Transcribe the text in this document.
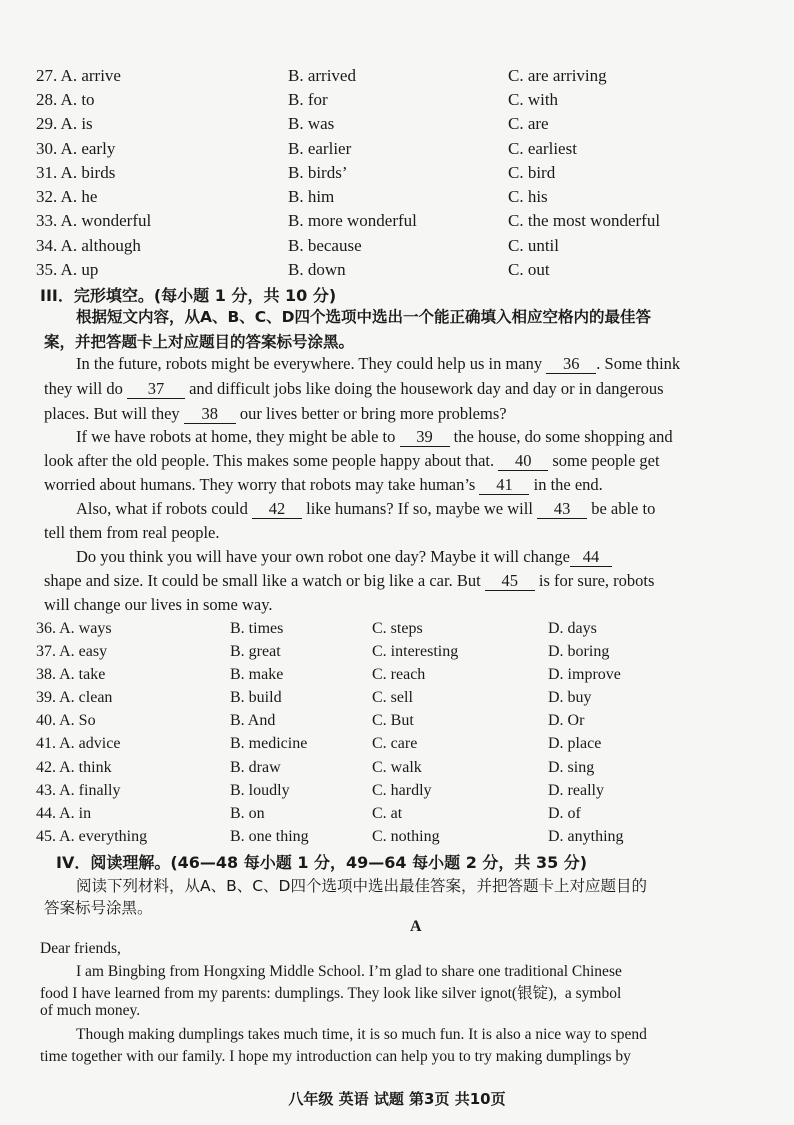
27. A. arrive	B. arrived	C. are arriving
28. A. to	B. for	C. with
29. A. is	B. was	C. are
30. A. early	B. earlier	C. earliest
31. A. birds	B. birds’	C. bird
32. A. he	B. him	C. his
33. A. wonderful	B. more wonderful	C. the most wonderful
34. A. although	B. because	C. until
35. A. up	B. down	C. out
III．完形填空。(每小题 1 分，共 10 分)
根据短文内容，从A、B、C、D四个选项中选出一个能正确填入相应空格内的最佳答
案，并把答题卡上对应题目的答案标号涂黑。
In the future, robots might be everywhere. They could help us in many 36 . Some think
they will do 37 and difficult jobs like doing the housework day and day or in dangerous
places. But will they 38 our lives better or bring more problems?
If we have robots at home, they might be able to 39 the house, do some shopping and
look after the old people. This makes some people happy about that. 40 some people get
worried about humans. They worry that robots may take human’s 41 in the end.
Also, what if robots could 42 like humans? If so, maybe we will 43 be able to
tell them from real people.
Do you think you will have your own robot one day? Maybe it will change 44
shape and size. It could be small like a watch or big like a car. But 45 is for sure, robots
will change our lives in some way.
36. A. ways	B. times	C. steps	D. days
37. A. easy	B. great	C. interesting	D. boring
38. A. take	B. make	C. reach	D. improve
39. A. clean	B. build	C. sell	D. buy
40. A. So	B. And	C. But	D. Or
41. A. advice	B. medicine	C. care	D. place
42. A. think	B. draw	C. walk	D. sing
43. A. finally	B. loudly	C. hardly	D. really
44. A. in	B. on	C. at	D. of
45. A. everything	B. one thing	C. nothing	D. anything
IV．阅读理解。(46—48 每小题 1 分，49—64 每小题 2 分，共 35 分)
阅读下列材料，从A、B、C、D四个选项中选出最佳答案，并把答题卡上对应题目的
答案标号涂黑。
A
Dear friends,
I am Bingbing from Hongxing Middle School. I’m glad to share one traditional Chinese
food I have learned from my parents: dumplings. They look like silver ignot(银锭), a symbol
of much money.
Though making dumplings takes much time, it is so much fun. It is also a nice way to spend
time together with our family. I hope my introduction can help you to try making dumplings by
八年级 英语 试题 第3页 共10页
